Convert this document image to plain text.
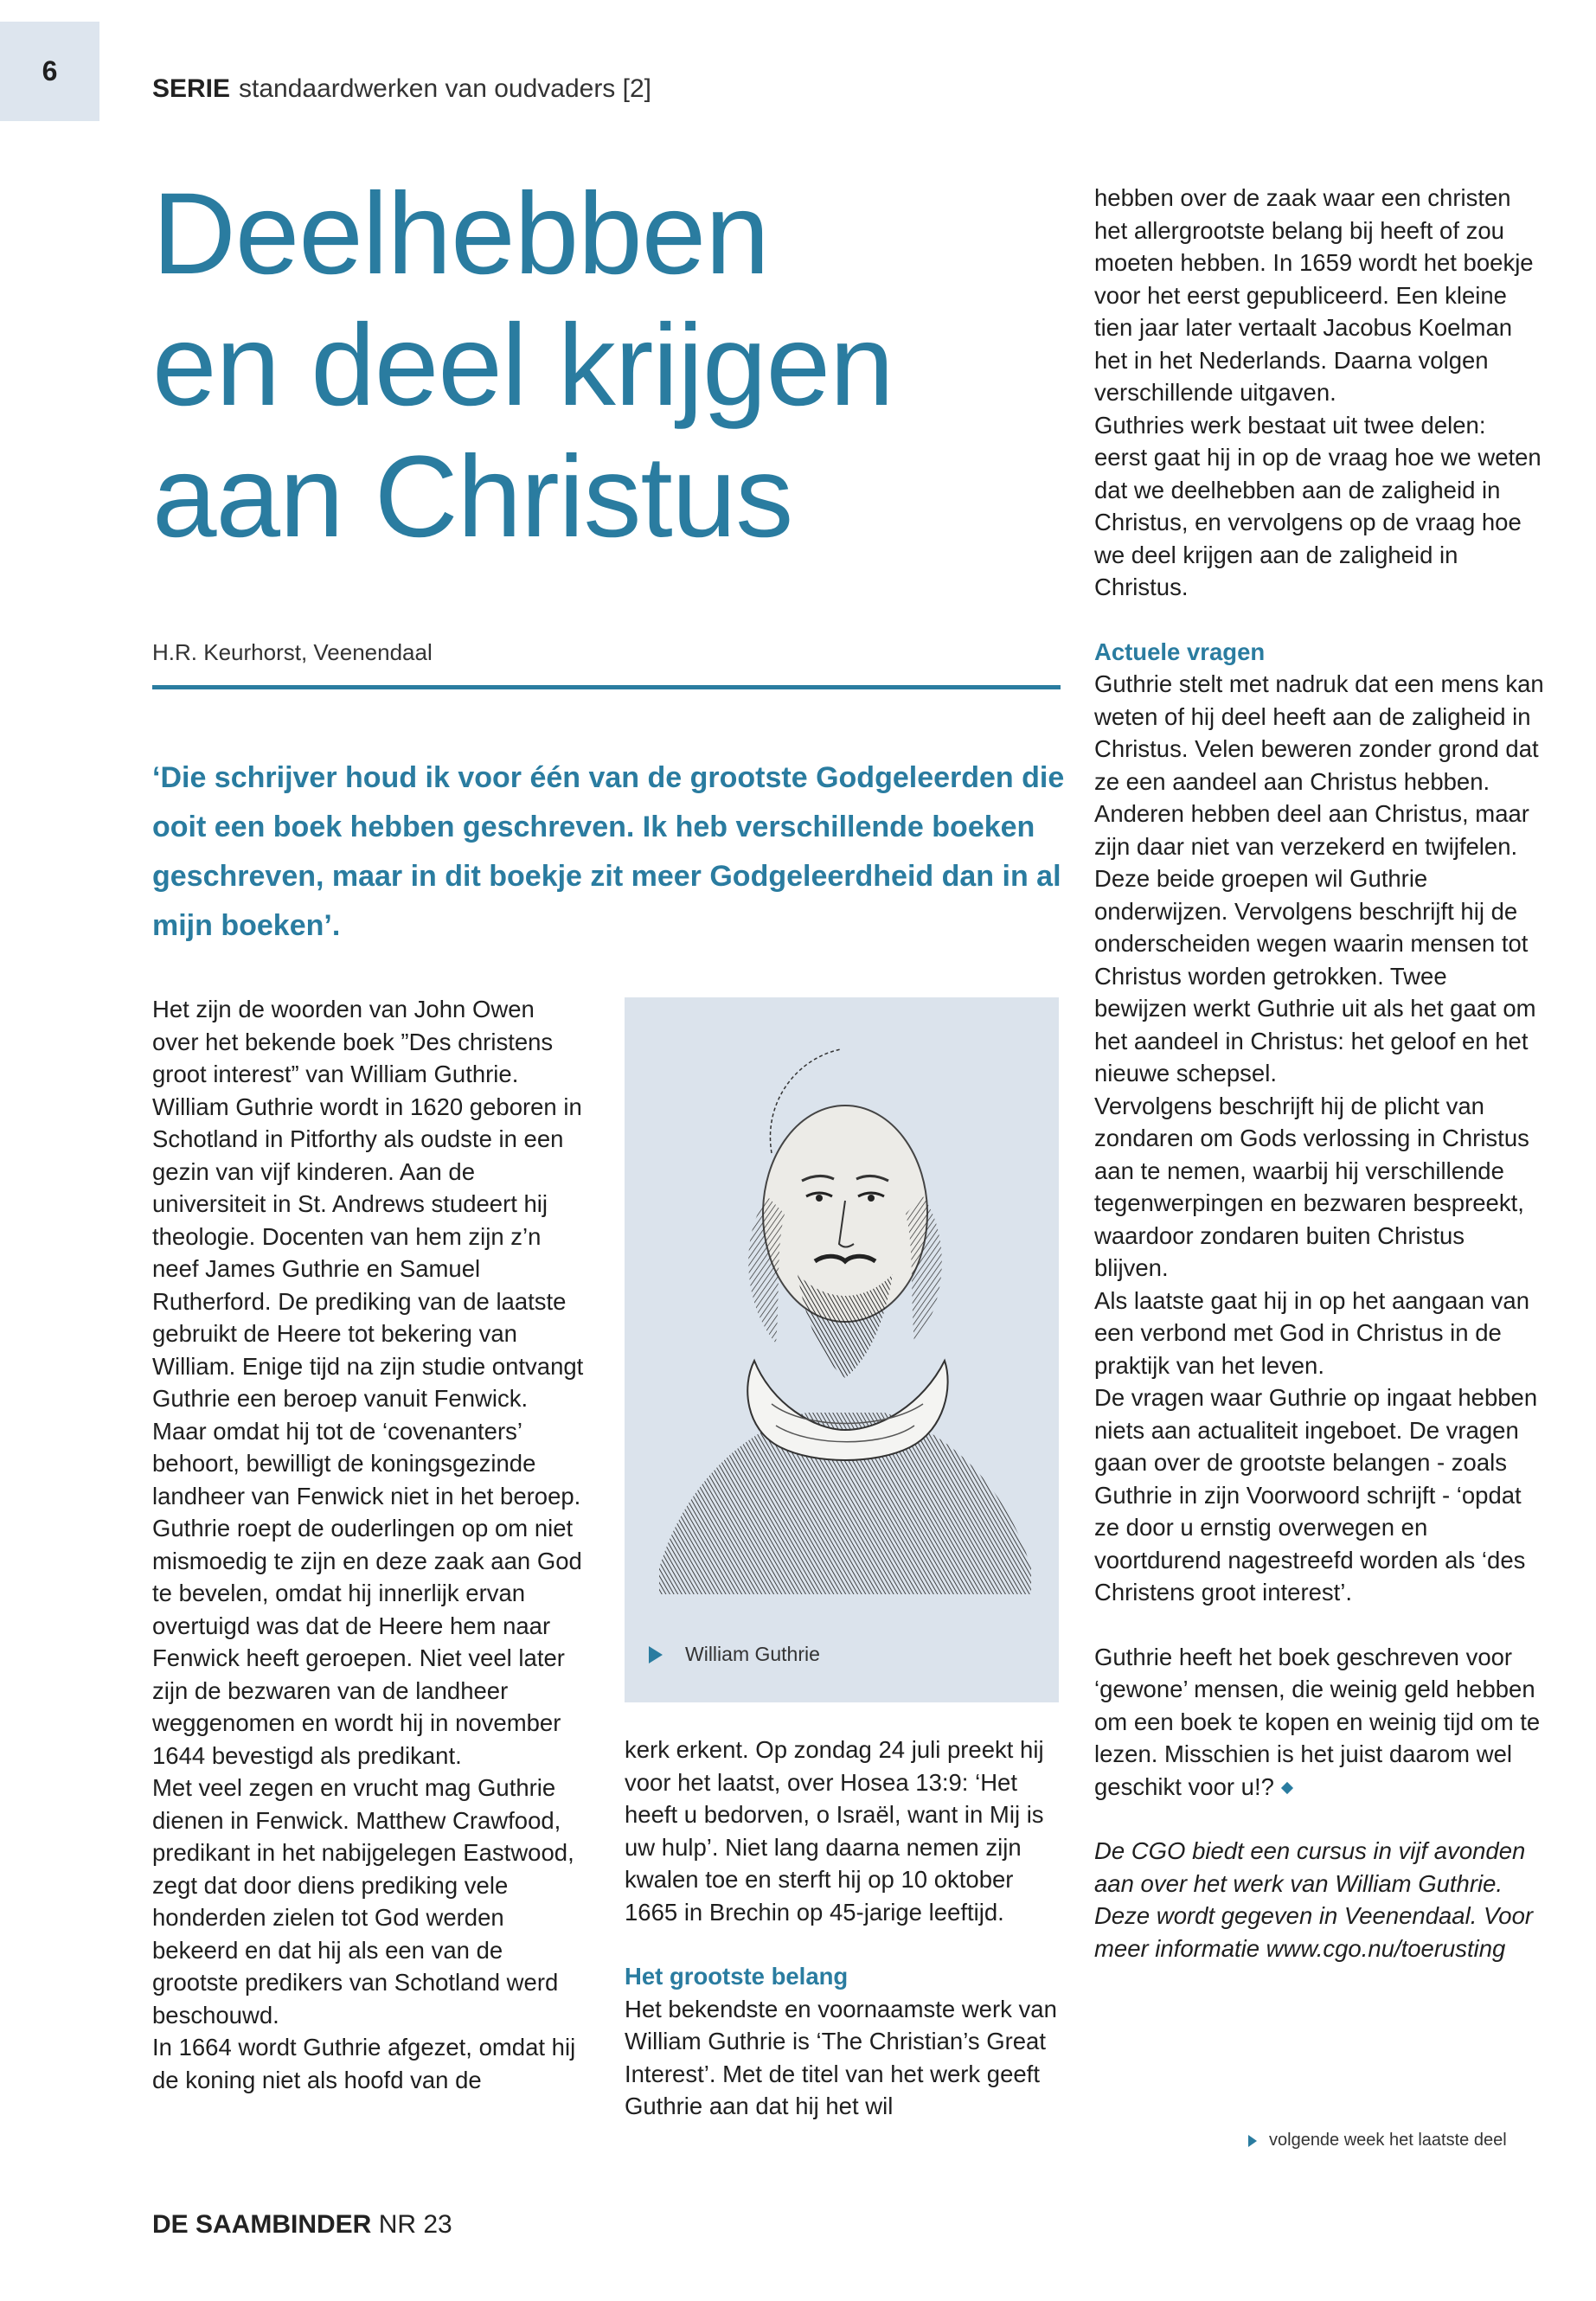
6
SERIE standaardwerken van oudvaders [2]
Deelhebben
en deel krijgen
aan Christus
H.R. Keurhorst, Veenendaal
‘Die schrijver houd ik voor één van de grootste Godgeleerden die ooit een boek hebben geschreven. Ik heb verschillende boeken geschreven, maar in dit boekje zit meer Godgeleerdheid dan in al mijn boeken’.

Het zijn de woorden van John Owen over het bekende boek ”Des christens groot interest” van William Guthrie. William Guthrie wordt in 1620 geboren in Schotland in Pitforthy als oudste in een gezin van vijf kinderen. Aan de universiteit in St. Andrews studeert hij theologie. Docenten van hem zijn z’n neef James Guthrie en Samuel Rutherford. De prediking van de laatste gebruikt de Heere tot bekering van William. Enige tijd na zijn studie ontvangt Guthrie een beroep vanuit Fenwick. Maar omdat hij tot de ‘covenanters’ behoort, bewilligt de koningsgezinde landheer van Fenwick niet in het beroep. Guthrie roept de ouderlingen op om niet mismoedig te zijn en deze zaak aan God te bevelen, omdat hij innerlijk ervan overtuigd was dat de Heere hem naar Fenwick heeft geroepen. Niet veel later zijn de bezwaren van de landheer weggenomen en wordt hij in november 1644 bevestigd als predikant.

Met veel zegen en vrucht mag Guthrie dienen in Fenwick. Matthew Crawfood, predikant in het nabijgelegen Eastwood, zegt dat door diens prediking vele honderden zielen tot God werden bekeerd en dat hij als een van de grootste predikers van Schotland werd beschouwd.

In 1664 wordt Guthrie afgezet, omdat hij de koning niet als hoofd van de

William Guthrie

kerk erkent. Op zondag 24 juli preekt hij voor het laatst, over Hosea 13:9: ‘Het heeft u bedorven, o Israël, want in Mij is uw hulp’. Niet lang daarna nemen zijn kwalen toe en sterft hij op 10 oktober 1665 in Brechin op 45-jarige leeftijd.

Het grootste belang

Het bekendste en voornaamste werk van William Guthrie is ‘The Christian’s Great Interest’. Met de titel van het werk geeft Guthrie aan dat hij het wil

hebben over de zaak waar een christen het allergrootste belang bij heeft of zou moeten hebben. In 1659 wordt het boekje voor het eerst gepubliceerd. Een kleine tien jaar later vertaalt Jacobus Koelman het in het Nederlands. Daarna volgen verschillende uitgaven.

Guthries werk bestaat uit twee delen: eerst gaat hij in op de vraag hoe we weten dat we deelhebben aan de zaligheid in Christus, en vervolgens op de vraag hoe we deel krijgen aan de zaligheid in Christus.

Actuele vragen

Guthrie stelt met nadruk dat een mens kan weten of hij deel heeft aan de zaligheid in Christus. Velen beweren zonder grond dat ze een aandeel aan Christus hebben. Anderen hebben deel aan Christus, maar zijn daar niet van verzekerd en twijfelen. Deze beide groepen wil Guthrie onderwijzen. Vervolgens beschrijft hij de onderscheiden wegen waarin mensen tot Christus worden getrokken. Twee bewijzen werkt Guthrie uit als het gaat om het aandeel in Christus: het geloof en het nieuwe schepsel.

Vervolgens beschrijft hij de plicht van zondaren om Gods verlossing in Christus aan te nemen, waarbij hij verschillende tegenwerpingen en bezwaren bespreekt, waardoor zondaren buiten Christus blijven.

Als laatste gaat hij in op het aangaan van een verbond met God in Christus in de praktijk van het leven.

De vragen waar Guthrie op ingaat hebben niets aan actualiteit ingeboet. De vragen gaan over de grootste belangen - zoals Guthrie in zijn Voorwoord schrijft - ‘opdat ze door u ernstig overwegen en voortdurend nagestreefd worden als ‘des Christens groot interest’.

Guthrie heeft het boek geschreven voor ‘gewone’ mensen, die weinig geld hebben om een boek te kopen en weinig tijd om te lezen. Misschien is het juist daarom wel geschikt voor u!?

De CGO biedt een cursus in vijf avonden aan over het werk van William Guthrie. Deze wordt gegeven in Veenendaal. Voor meer informatie www.cgo.nu/toerusting

volgende week het laatste deel
DE SAAMBINDER NR 23
